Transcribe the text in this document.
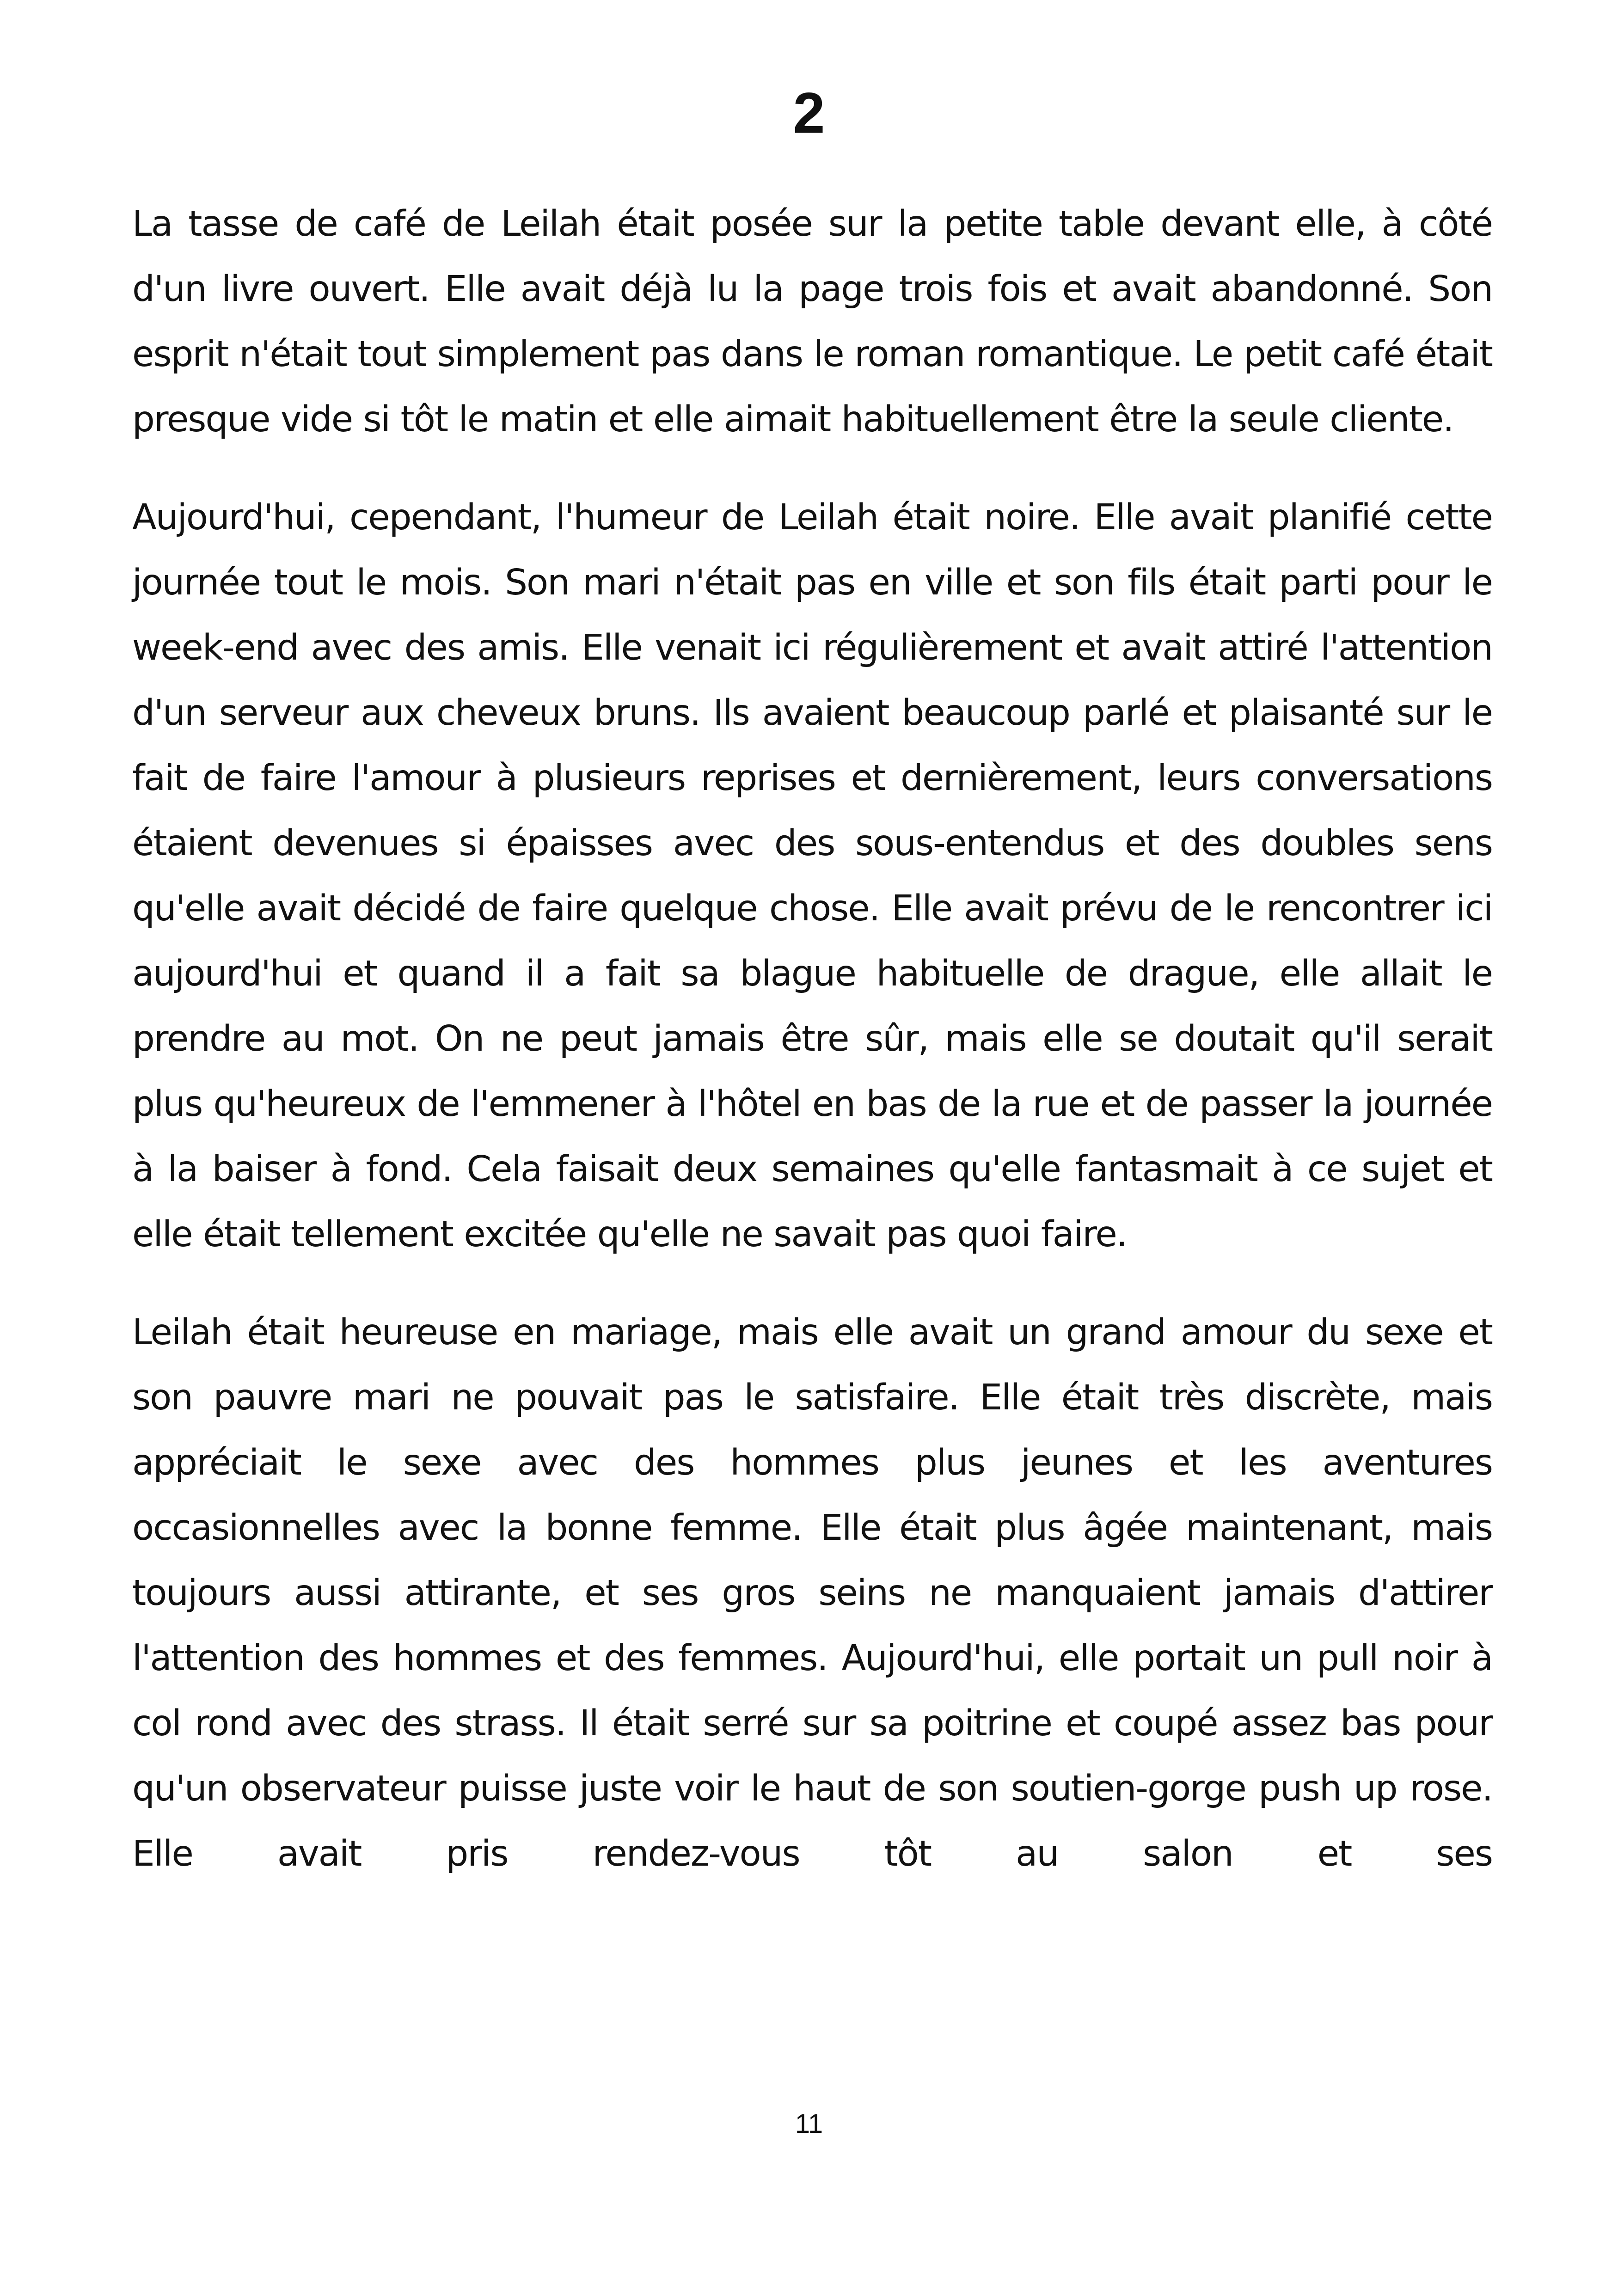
2

La tasse de café de Leilah était posée sur la petite table devant elle, à côté d'un livre ouvert. Elle avait déjà lu la page trois fois et avait abandonné. Son esprit n'était tout simplement pas dans le roman romantique. Le petit café était presque vide si tôt le matin et elle aimait habituellement être la seule cliente.

Aujourd'hui, cependant, l'humeur de Leilah était noire. Elle avait planifié cette journée tout le mois. Son mari n'était pas en ville et son fils était parti pour le week-end avec des amis. Elle venait ici régulièrement et avait attiré l'attention d'un serveur aux cheveux bruns. Ils avaient beaucoup parlé et plaisanté sur le fait de faire l'amour à plusieurs reprises et dernièrement, leurs conversations étaient devenues si épaisses avec des sous-entendus et des doubles sens qu'elle avait décidé de faire quelque chose. Elle avait prévu de le rencontrer ici aujourd'hui et quand il a fait sa blague habituelle de drague, elle allait le prendre au mot. On ne peut jamais être sûr, mais elle se doutait qu'il serait plus qu'heureux de l'emmener à l'hôtel en bas de la rue et de passer la journée à la baiser à fond. Cela faisait deux semaines qu'elle fantasmait à ce sujet et elle était tellement excitée qu'elle ne savait pas quoi faire.

Leilah était heureuse en mariage, mais elle avait un grand amour du sexe et son pauvre mari ne pouvait pas le satisfaire. Elle était très discrète, mais appréciait le sexe avec des hommes plus jeunes et les aventures occasionnelles avec la bonne femme. Elle était plus âgée maintenant, mais toujours aussi attirante, et ses gros seins ne manquaient jamais d'attirer l'attention des hommes et des femmes. Aujourd'hui, elle portait un pull noir à col rond avec des strass. Il était serré sur sa poitrine et coupé assez bas pour qu'un observateur puisse juste voir le haut de son soutien-gorge push up rose. Elle avait pris rendez-vous tôt au salon et ses

11
